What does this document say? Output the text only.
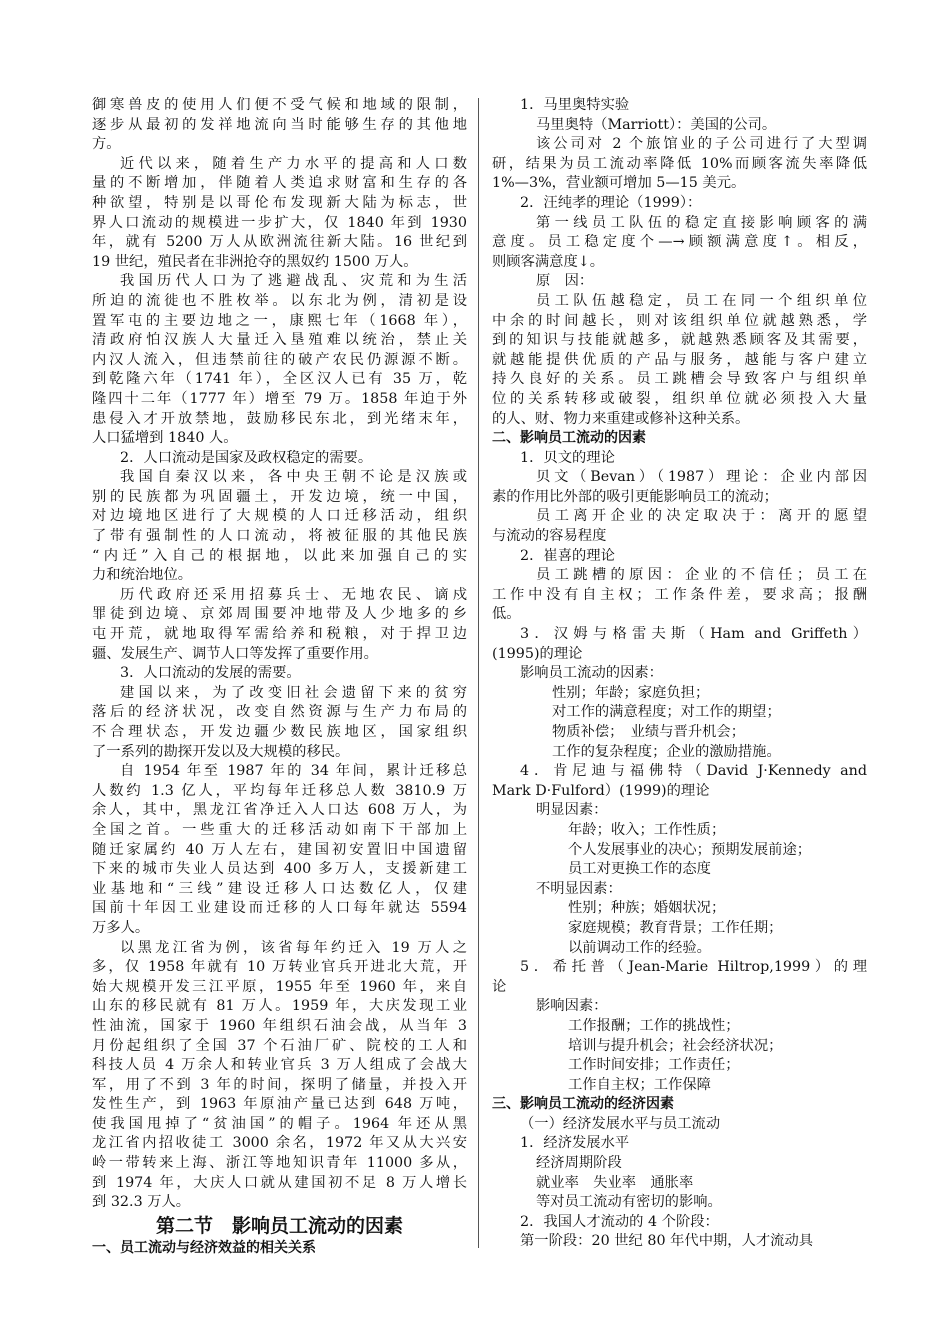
御寒兽皮的使用人们便不受气候和地域的限制，
逐步从最初的发祥地流向当时能够生存的其他地
方。
近代以来，随着生产力水平的提高和人口数
量的不断增加，伴随着人类追求财富和生存的各
种欲望，特别是以哥伦布发现新大陆为标志，世
界人口流动的规模进一步扩大，仅 1840 年到 1930
年，就有 5200 万人从欧洲流往新大陆。16 世纪到
19 世纪，殖民者在非洲抢夺的黑奴约 1500 万人。
我国历代人口为了逃避战乱、灾荒和为生活
所迫的流徙也不胜枚举。以东北为例，清初是设
置军屯的主要边地之一，康熙七年（1668 年），
清政府怕汉族人大量迁入垦殖难以统治，禁止关
内汉人流入，但违禁前往的破产农民仍源源不断。
到乾隆六年（1741 年），全区汉人已有 35 万，乾
隆四十二年（1777 年）增至 79 万。1858 年迫于外
患侵入才开放禁地，鼓励移民东北，到光绪末年，
人口猛增到 1840 人。
2．人口流动是国家及政权稳定的需要。
我国自秦汉以来，各中央王朝不论是汉族或
别的民族都为巩固疆土，开发边境，统一中国，
对边境地区进行了大规模的人口迁移活动，组织
了带有强制性的人口流动，将被征服的其他民族
“内迁”入自己的根据地，以此来加强自己的实
力和统治地位。
历代政府还采用招募兵士、无地农民、谪戍
罪徒到边境、京郊周围要冲地带及人少地多的乡
屯开荒，就地取得军需给养和税粮，对于捍卫边
疆、发展生产、调节人口等发挥了重要作用。
3．人口流动的发展的需要。
建国以来，为了改变旧社会遗留下来的贫穷
落后的经济状况，改变自然资源与生产力布局的
不合理状态，开发边疆少数民族地区，国家组织
了一系列的勘探开发以及大规模的移民。
自 1954 年至 1987 年的 34 年间，累计迁移总
人数约 1.3 亿人，平均每年迁移总人数 3810.9 万
余人，其中，黑龙江省净迁入人口达 608 万人，为
全国之首。一些重大的迁移活动如南下干部加上
随迁家属约 40 万人左右，建国初安置旧中国遗留
下来的城市失业人员达到 400 多万人，支援新建工
业基地和“三线”建设迁移人口达数亿人，仅建
国前十年因工业建设而迁移的人口每年就达 5594
万多人。
以黑龙江省为例，该省每年约迁入 19 万人之
多，仅 1958 年就有 10 万转业官兵开进北大荒，开
始大规模开发三江平原，1955 年至 1960 年，来自
山东的移民就有 81 万人。1959 年，大庆发现工业
性油流，国家于 1960 年组织石油会战，从当年 3
月份起组织了全国 37 个石油厂矿、院校的工人和
科技人员 4 万余人和转业官兵 3 万人组成了会战大
军，用了不到 3 年的时间，探明了储量，并投入开
发性生产，到 1963 年原油产量已达到 648 万吨，
使我国甩掉了“贫油国”的帽子。1964 年还从黑
龙江省内招收徒工 3000 余名，1972 年又从大兴安
岭一带转来上海、浙江等地知识青年 11000 多从，
到 1974 年，大庆人口就从建国初不足 8 万人增长
到 32.3 万人。
第二节　影响员工流动的因素
一、员工流动与经济效益的相关关系
1．马里奥特实验
马里奥特（Marriott）：美国的公司。
该公司对 2 个旅馆业的子公司进行了大型调
研，结果为员工流动率降低 10%而顾客流失率降低
1%—3%，营业额可增加 5—15 美元。
2．汪纯孝的理论（1999）：
第一线员工队伍的稳定直接影响顾客的满
意度。员工稳定度个—→顾额满意度↑。相反，
则顾客满意度↓。
原　因：
员工队伍越稳定，员工在同一个组织单位
中余的时间越长，则对该组织单位就越熟悉，学
到的知识与技能就越多，就越熟悉顾客及其需要，
就越能提供优质的产品与服务，越能与客户建立
持久良好的关系。员工跳槽会导致客户与组织单
位的关系转移或破裂，组织单位就必须投入大量
的人、财、物力来重建或修补这种关系。
二、影响员工流动的因素
1．贝文的理论
贝文（Bevan）（1987）理论：企业内部因
素的作用比外部的吸引更能影响员工的流动；
员工离开企业的决定取决于：离开的愿望
与流动的容易程度
2．崔喜的理论
员工跳槽的原因：企业的不信任；员工在
工作中没有自主权；工作条件差，要求高；报酬
低。
3．汉姆与格雷夫斯（Ham and Griffeth）
(1995)的理论
影响员工流动的因素：
性别；年龄；家庭负担；
对工作的满意程度；对工作的期望；
物质补偿；　业绩与晋升机会；
工作的复杂程度；企业的激励措施。
4．肯尼迪与福佛特（David J·Kennedy and
Mark D·Fulford）(1999)的理论
明显因素：
年龄；收入；工作性质；
个人发展事业的决心；预期发展前途；
员工对更换工作的态度
不明显因素：
性别；种族；婚姻状况；
家庭规模；教育背景；工作任期；
以前调动工作的经验。
5．希托普（Jean-Marie Hiltrop,1999）的理
论
影响因素：
工作报酬；工作的挑战性；
培训与提升机会；社会经济状况；
工作时间安排；工作责任；
工作自主权；工作保障
三、影响员工流动的经济因素
（一）经济发展水平与员工流动
1．经济发展水平
经济周期阶段
就业率　失业率　通胀率
等对员工流动有密切的影响。
2．我国人才流动的 4 个阶段：
第一阶段：20 世纪 80 年代中期，人才流动具
